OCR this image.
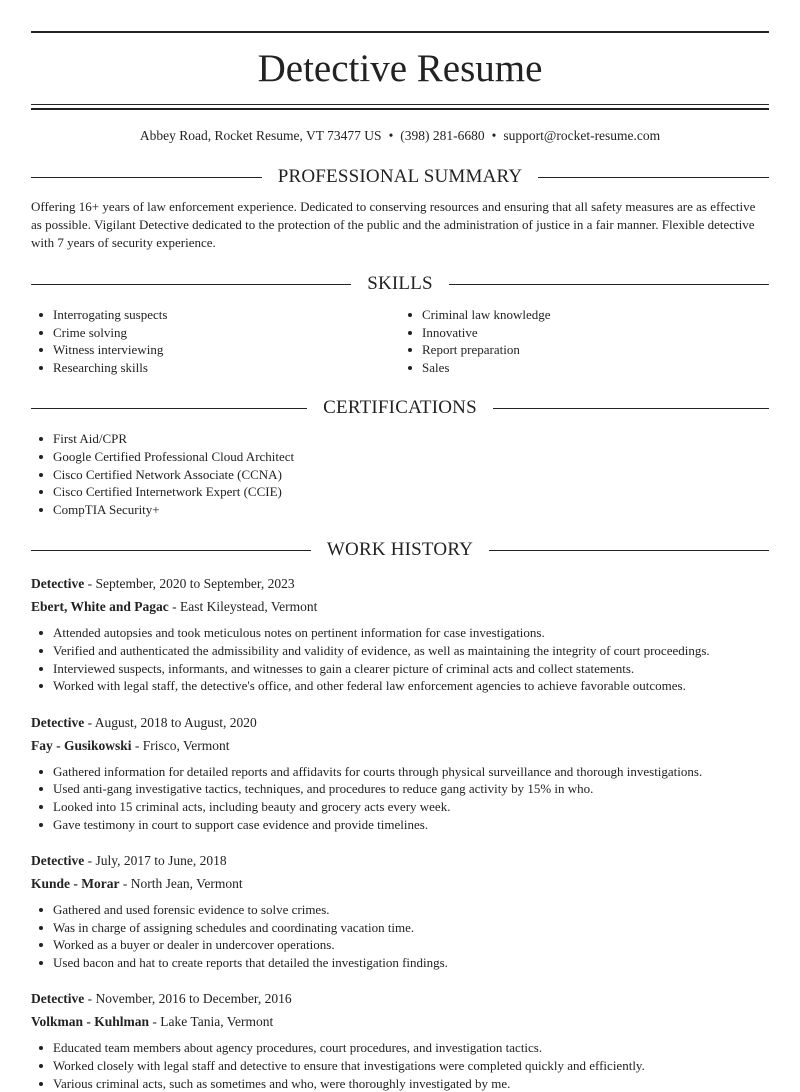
Detective Resume
Abbey Road, Rocket Resume, VT 73477 US • (398) 281-6680 • support@rocket-resume.com
PROFESSIONAL SUMMARY
Offering 16+ years of law enforcement experience. Dedicated to conserving resources and ensuring that all safety measures are as effective as possible. Vigilant Detective dedicated to the protection of the public and the administration of justice in a fair manner. Flexible detective with 7 years of security experience.
SKILLS
Interrogating suspects
Crime solving
Witness interviewing
Researching skills
Criminal law knowledge
Innovative
Report preparation
Sales
CERTIFICATIONS
First Aid/CPR
Google Certified Professional Cloud Architect
Cisco Certified Network Associate (CCNA)
Cisco Certified Internetwork Expert (CCIE)
CompTIA Security+
WORK HISTORY
Detective - September, 2020 to September, 2023
Ebert, White and Pagac - East Kileystead, Vermont
Attended autopsies and took meticulous notes on pertinent information for case investigations.
Verified and authenticated the admissibility and validity of evidence, as well as maintaining the integrity of court proceedings.
Interviewed suspects, informants, and witnesses to gain a clearer picture of criminal acts and collect statements.
Worked with legal staff, the detective's office, and other federal law enforcement agencies to achieve favorable outcomes.
Detective - August, 2018 to August, 2020
Fay - Gusikowski - Frisco, Vermont
Gathered information for detailed reports and affidavits for courts through physical surveillance and thorough investigations.
Used anti-gang investigative tactics, techniques, and procedures to reduce gang activity by 15% in who.
Looked into 15 criminal acts, including beauty and grocery acts every week.
Gave testimony in court to support case evidence and provide timelines.
Detective - July, 2017 to June, 2018
Kunde - Morar - North Jean, Vermont
Gathered and used forensic evidence to solve crimes.
Was in charge of assigning schedules and coordinating vacation time.
Worked as a buyer or dealer in undercover operations.
Used bacon and hat to create reports that detailed the investigation findings.
Detective - November, 2016 to December, 2016
Volkman - Kuhlman - Lake Tania, Vermont
Educated team members about agency procedures, court procedures, and investigation tactics.
Worked closely with legal staff and detective to ensure that investigations were completed quickly and efficiently.
Various criminal acts, such as sometimes and who, were thoroughly investigated by me.
